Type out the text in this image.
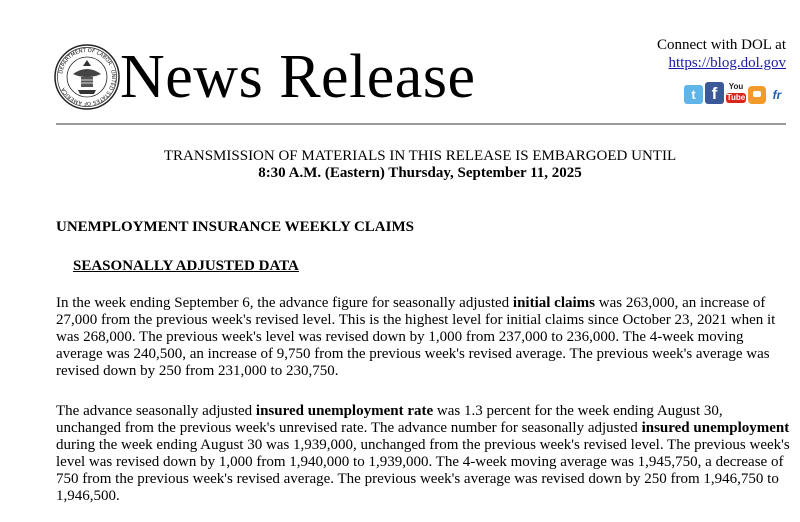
DEPARTMENT OF LABOR · UNITED STATES OF AMERICA News Release	Connect with DOL at
https://blog.dol.gov
t f	You
Tube	fr
TRANSMISSION OF MATERIALS IN THIS RELEASE IS EMBARGOED UNTIL
8:30 A.M. (Eastern) Thursday, September 11, 2025
UNEMPLOYMENT INSURANCE WEEKLY CLAIMS
SEASONALLY ADJUSTED DATA

In the week ending September 6, the advance figure for seasonally adjusted initial claims was 263,000, an increase of 27,000 from the previous week's revised level. This is the highest level for initial claims since October 23, 2021 when it was 268,000. The previous week's level was revised down by 1,000 from 237,000 to 236,000. The 4-week moving average was 240,500, an increase of 9,750 from the previous week's revised average. The previous week's average was revised down by 250 from 231,000 to 230,750.

The advance seasonally adjusted insured unemployment rate was 1.3 percent for the week ending August 30, unchanged from the previous week's unrevised rate. The advance number for seasonally adjusted insured unemployment during the week ending August 30 was 1,939,000, unchanged from the previous week's revised level. The previous week's level was revised down by 1,000 from 1,940,000 to 1,939,000. The 4-week moving average was 1,945,750, a decrease of 750 from the previous week's revised average. The previous week's average was revised down by 250 from 1,946,750 to 1,946,500.
